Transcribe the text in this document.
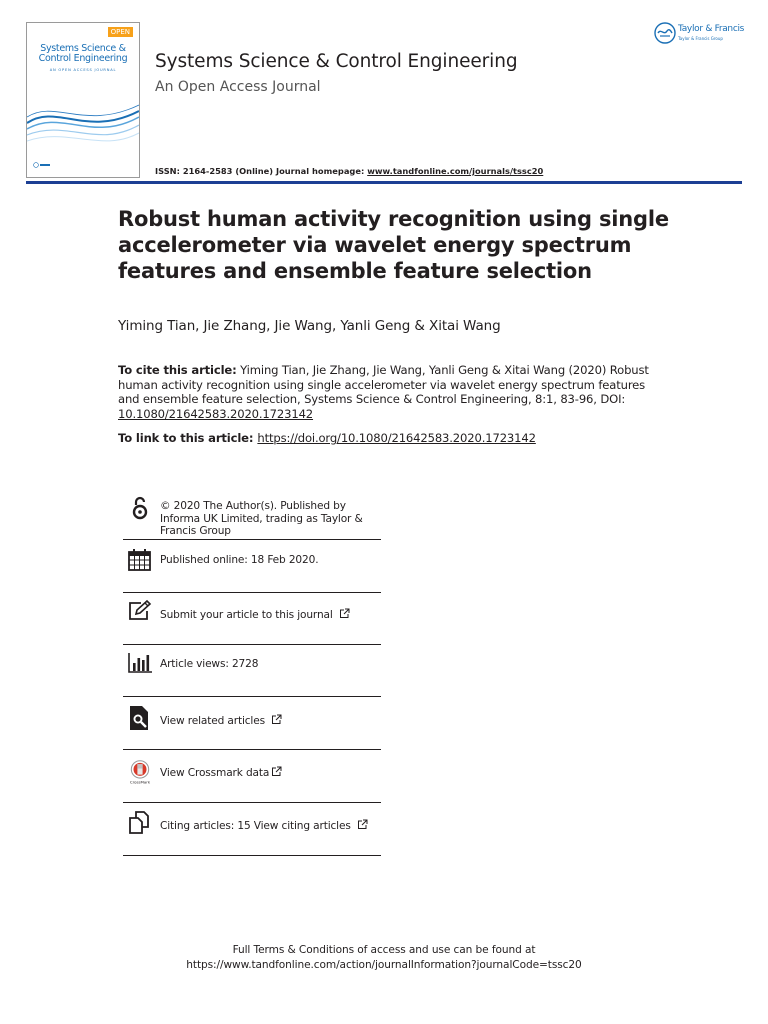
OPEN
Systems Science &
Control Engineering
AN OPEN ACCESS JOURNAL	Systems Science & Control Engineering
An Open Access Journal
ISSN: 2164-2583 (Online) Journal homepage: www.tandfonline.com/journals/tssc20
Taylor & Francis
Taylor & Francis Group
Robust human activity recognition using single accelerometer via wavelet energy spectrum features and ensemble feature selection
Yiming Tian, Jie Zhang, Jie Wang, Yanli Geng & Xitai Wang
To cite this article: Yiming Tian, Jie Zhang, Jie Wang, Yanli Geng & Xitai Wang (2020) Robust human activity recognition using single accelerometer via wavelet energy spectrum features and ensemble feature selection, Systems Science & Control Engineering, 8:1, 83-96, DOI: 10.1080/21642583.2020.1723142
To link to this article: https://doi.org/10.1080/21642583.2020.1723142
© 2020 The Author(s). Published by Informa UK Limited, trading as Taylor & Francis Group
Published online: 18 Feb 2020.
Submit your article to this journal
Article views: 2728
View related articles
CrossMark
View Crossmark data
Citing articles: 15 View citing articles
Full Terms & Conditions of access and use can be found at
https://www.tandfonline.com/action/journalInformation?journalCode=tssc20
